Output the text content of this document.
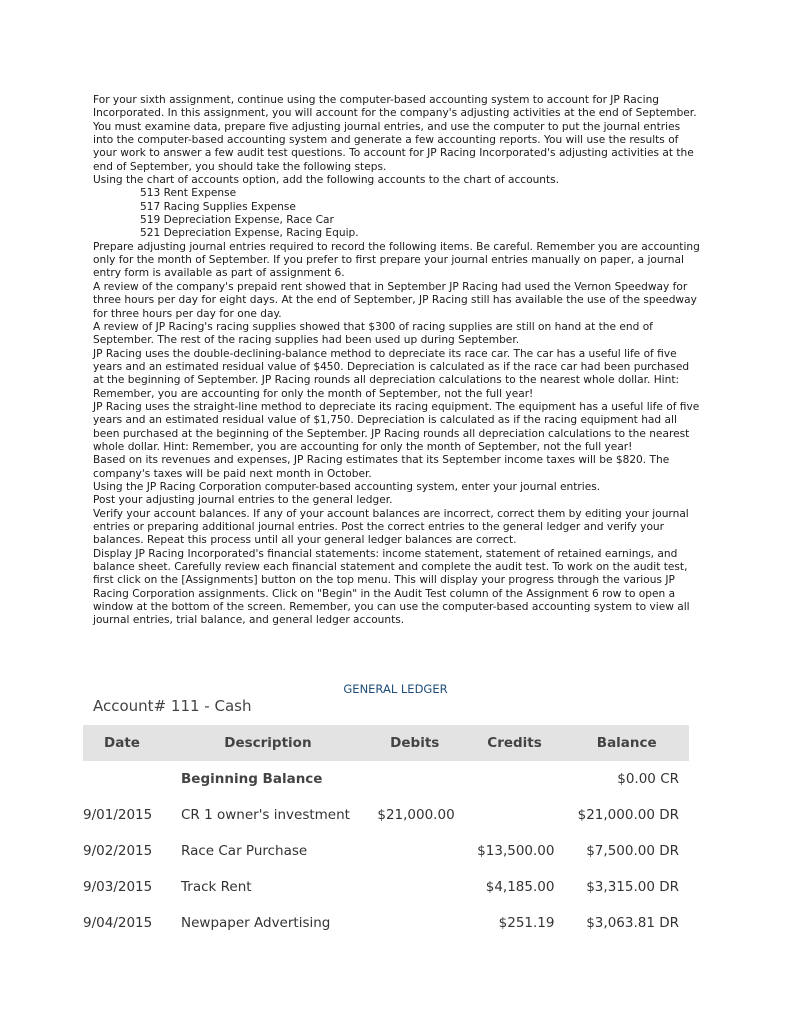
For your sixth assignment, continue using the computer-based accounting system to account for JP Racing Incorporated. In this assignment, you will account for the company's adjusting activities at the end of September. You must examine data, prepare five adjusting journal entries, and use the computer to put the journal entries into the computer-based accounting system and generate a few accounting reports. You will use the results of your work to answer a few audit test questions. To account for JP Racing Incorporated's adjusting activities at the end of September, you should take the following steps.

Using the chart of accounts option, add the following accounts to the chart of accounts.

513 Rent Expense

517 Racing Supplies Expense

519 Depreciation Expense, Race Car

521 Depreciation Expense, Racing Equip.

Prepare adjusting journal entries required to record the following items. Be careful. Remember you are accounting only for the month of September. If you prefer to first prepare your journal entries manually on paper, a journal entry form is available as part of assignment 6.

A review of the company's prepaid rent showed that in September JP Racing had used the Vernon Speedway for three hours per day for eight days. At the end of September, JP Racing still has available the use of the speedway for three hours per day for one day.

A review of JP Racing's racing supplies showed that $300 of racing supplies are still on hand at the end of September. The rest of the racing supplies had been used up during September.

JP Racing uses the double-declining-balance method to depreciate its race car. The car has a useful life of five years and an estimated residual value of $450. Depreciation is calculated as if the race car had been purchased at the beginning of September. JP Racing rounds all depreciation calculations to the nearest whole dollar. Hint: Remember, you are accounting for only the month of September, not the full year!

JP Racing uses the straight-line method to depreciate its racing equipment. The equipment has a useful life of five years and an estimated residual value of $1,750. Depreciation is calculated as if the racing equipment had all been purchased at the beginning of the September. JP Racing rounds all depreciation calculations to the nearest whole dollar. Hint: Remember, you are accounting for only the month of September, not the full year!

Based on its revenues and expenses, JP Racing estimates that its September income taxes will be $820. The company's taxes will be paid next month in October.

Using the JP Racing Corporation computer-based accounting system, enter your journal entries.

Post your adjusting journal entries to the general ledger.

Verify your account balances. If any of your account balances are incorrect, correct them by editing your journal entries or preparing additional journal entries. Post the correct entries to the general ledger and verify your balances. Repeat this process until all your general ledger balances are correct.

Display JP Racing Incorporated's financial statements: income statement, statement of retained earnings, and balance sheet. Carefully review each financial statement and complete the audit test. To work on the audit test, first click on the [Assignments] button on the top menu. This will display your progress through the various JP Racing Corporation assignments. Click on "Begin" in the Audit Test column of the Assignment 6 row to open a window at the bottom of the screen. Remember, you can use the computer-based accounting system to view all journal entries, trial balance, and general ledger accounts.

GENERAL LEDGER
Account# 111 - Cash
Date	Description	Debits	Credits	Balance
	Beginning Balance			$0.00 CR
9/01/2015	CR 1 owner's investment	$21,000.00		$21,000.00 DR
9/02/2015	Race Car Purchase		$13,500.00	$7,500.00 DR
9/03/2015	Track Rent		$4,185.00	$3,315.00 DR
9/04/2015	Newpaper Advertising		$251.19	$3,063.81 DR
